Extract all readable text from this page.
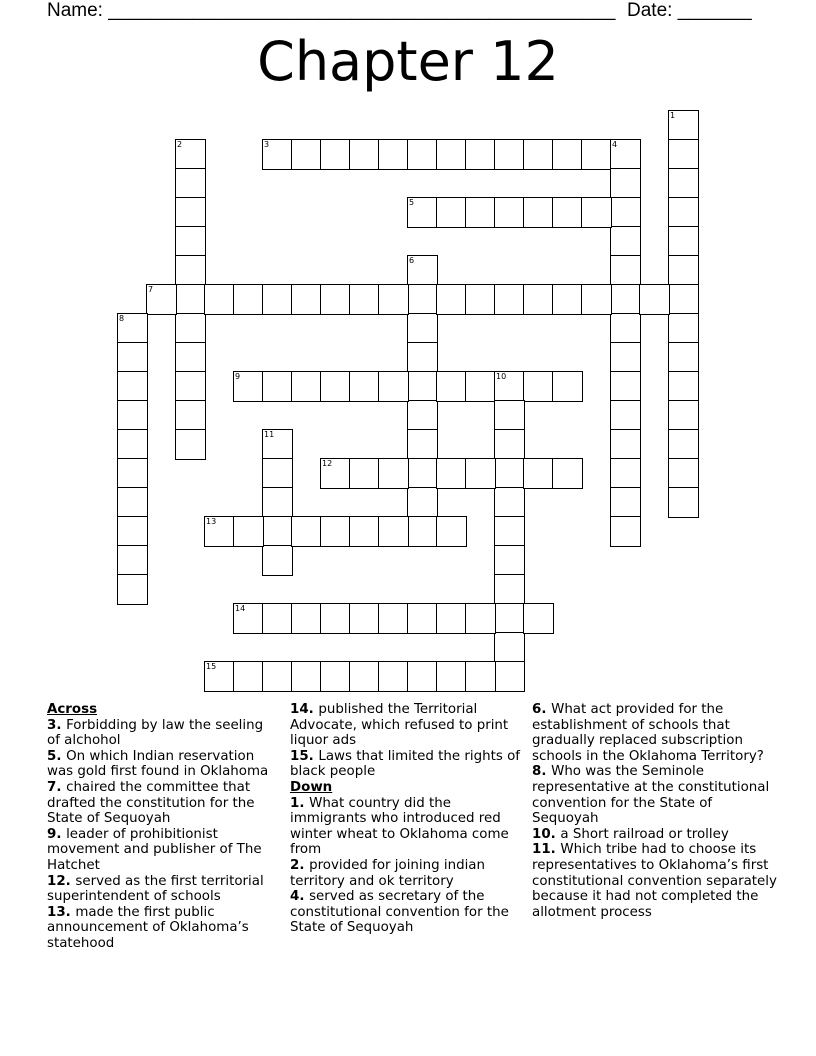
Name: ________________________________________________ Date: _______
Chapter 12
1
2	3	4
5
6
7
8
9	10
11
12
13
14
15

Across

3. Forbidding by law the seeling of alchohol

5. On which Indian reservation was gold first found in Oklahoma

7. chaired the committee that drafted the constitution for the State of Sequoyah

9. leader of prohibitionist movement and publisher of The Hatchet

12. served as the first territorial superintendent of schools

13. made the first public announcement of Oklahoma’s statehood

14. published the Territorial Advocate, which refused to print liquor ads

15. Laws that limited the rights of black people

Down

1. What country did the immigrants who introduced red winter wheat to Oklahoma come from

2. provided for joining indian territory and ok territory

4. served as secretary of the constitutional convention for the State of Sequoyah

6. What act provided for the establishment of schools that gradually replaced subscription schools in the Oklahoma Territory?

8. Who was the Seminole representative at the constitutional convention for the State of Sequoyah

10. a Short railroad or trolley

11. Which tribe had to choose its representatives to Oklahoma’s first constitutional convention separately because it had not completed the allotment process
